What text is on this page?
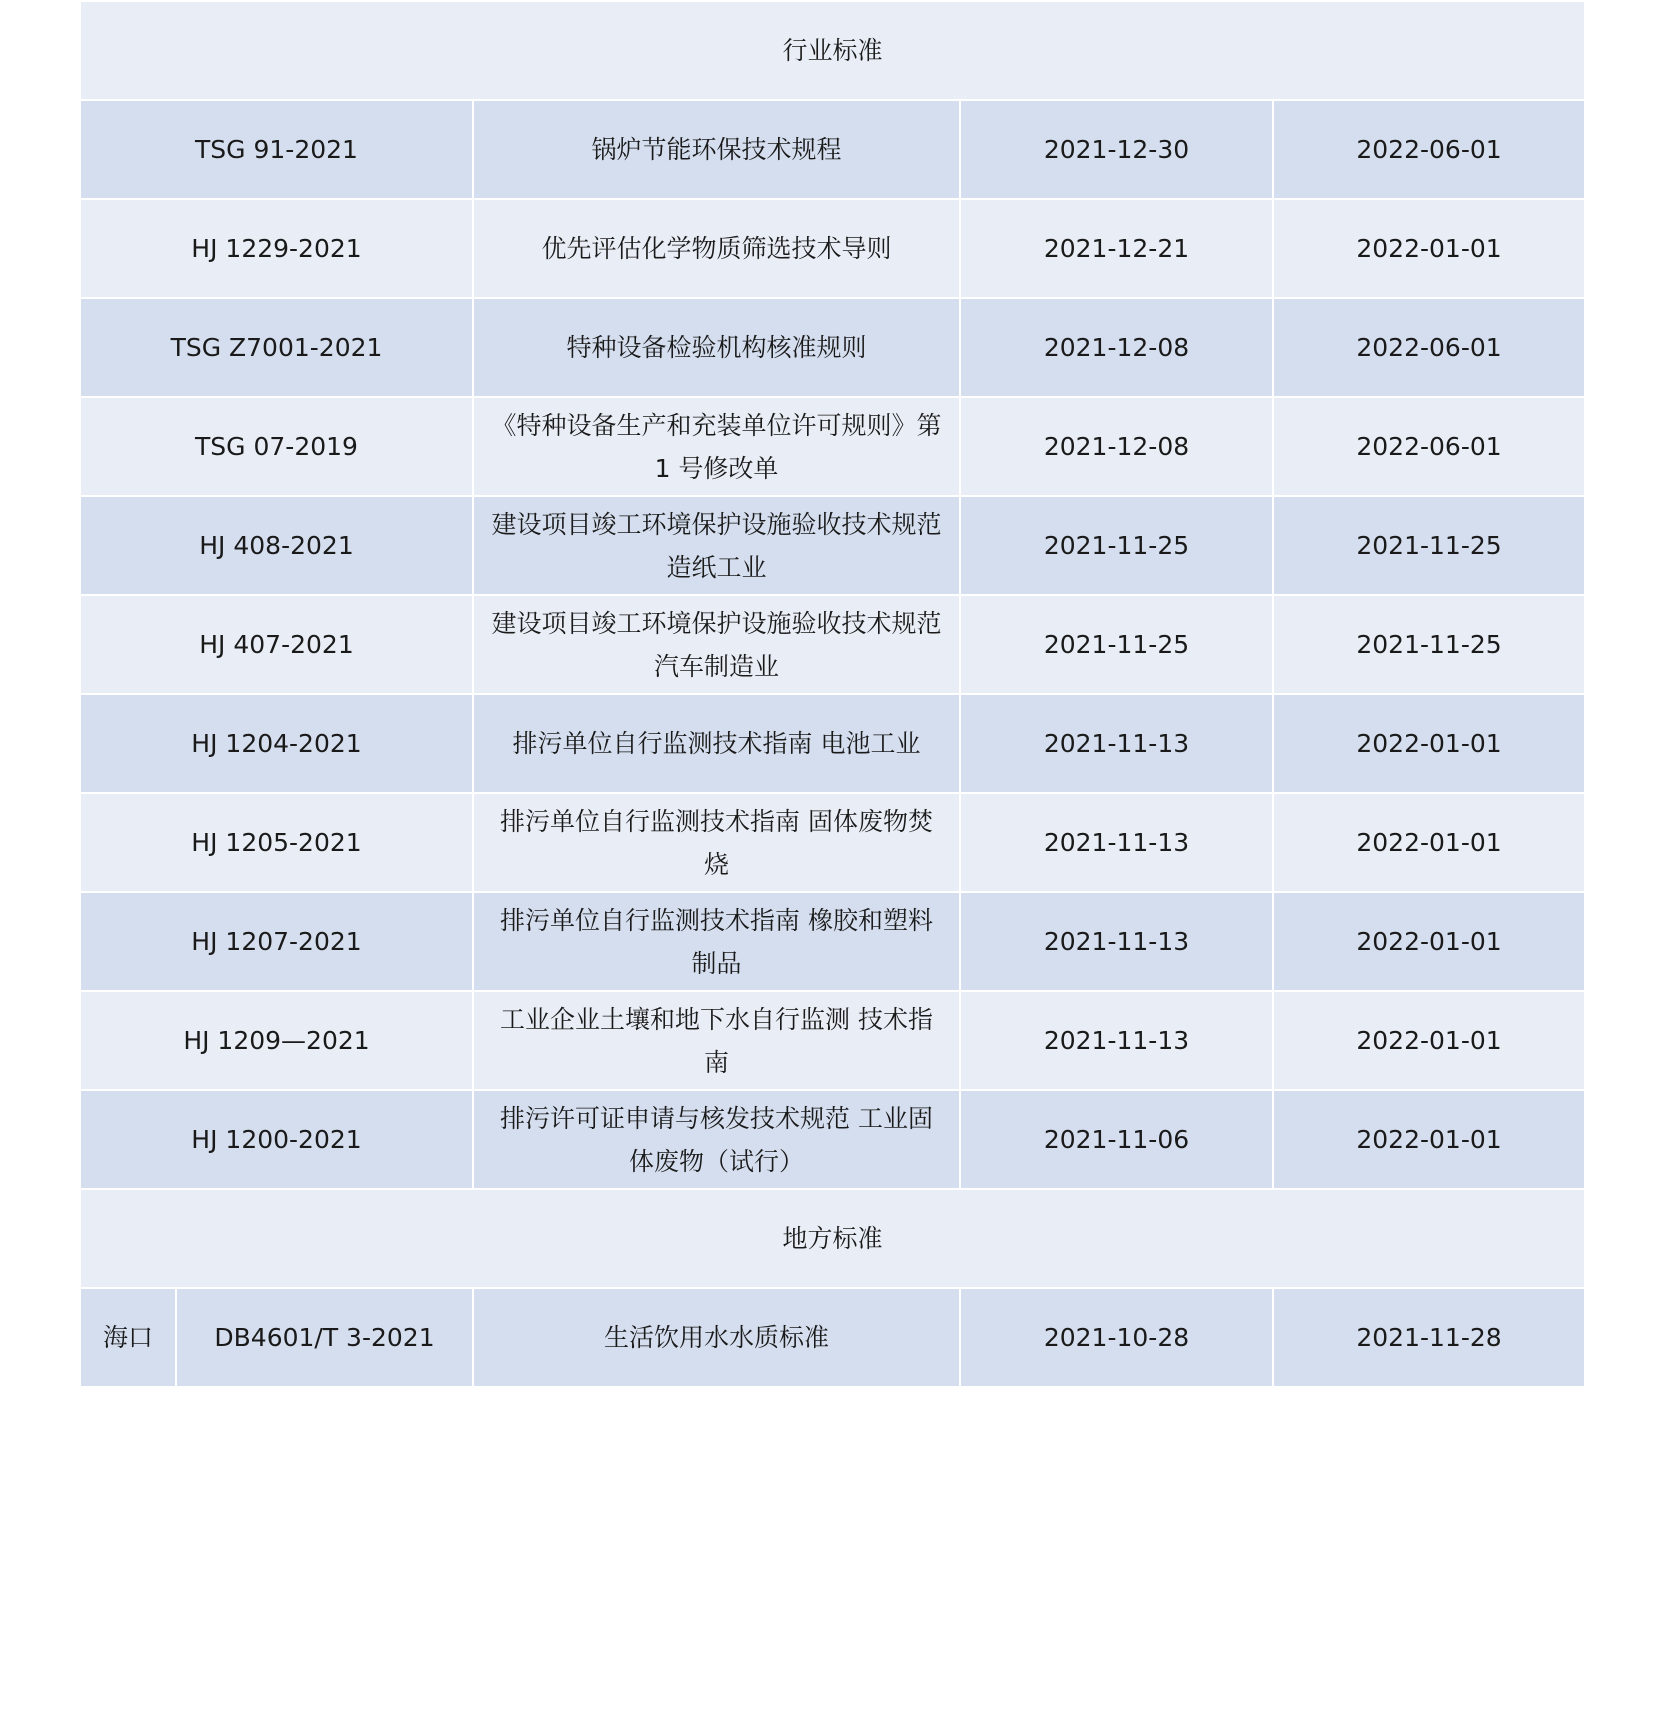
行业标准				
TSG 91-2021		锅炉节能环保技术规程	2021-12-30	2022-06-01
HJ 1229-2021		优先评估化学物质筛选技术导则	2021-12-21	2022-01-01
TSG Z7001-2021		特种设备检验机构核准规则	2021-12-08	2022-06-01
TSG 07-2019		《特种设备生产和充装单位许可规则》第 1 号修改单	2021-12-08	2022-06-01
HJ 408-2021		建设项目竣工环境保护设施验收技术规范 造纸工业	2021-11-25	2021-11-25
HJ 407-2021		建设项目竣工环境保护设施验收技术规范 汽车制造业	2021-11-25	2021-11-25
HJ 1204-2021		排污单位自行监测技术指南 电池工业	2021-11-13	2022-01-01
HJ 1205-2021		排污单位自行监测技术指南 固体废物焚烧	2021-11-13	2022-01-01
HJ 1207-2021		排污单位自行监测技术指南 橡胶和塑料制品	2021-11-13	2022-01-01
HJ 1209—2021		工业企业土壤和地下水自行监测 技术指南	2021-11-13	2022-01-01
HJ 1200-2021		排污许可证申请与核发技术规范 工业固体废物（试行）	2021-11-06	2022-01-01
地方标准				
海口	DB4601/T 3-2021	生活饮用水水质标准	2021-10-28	2021-11-28
